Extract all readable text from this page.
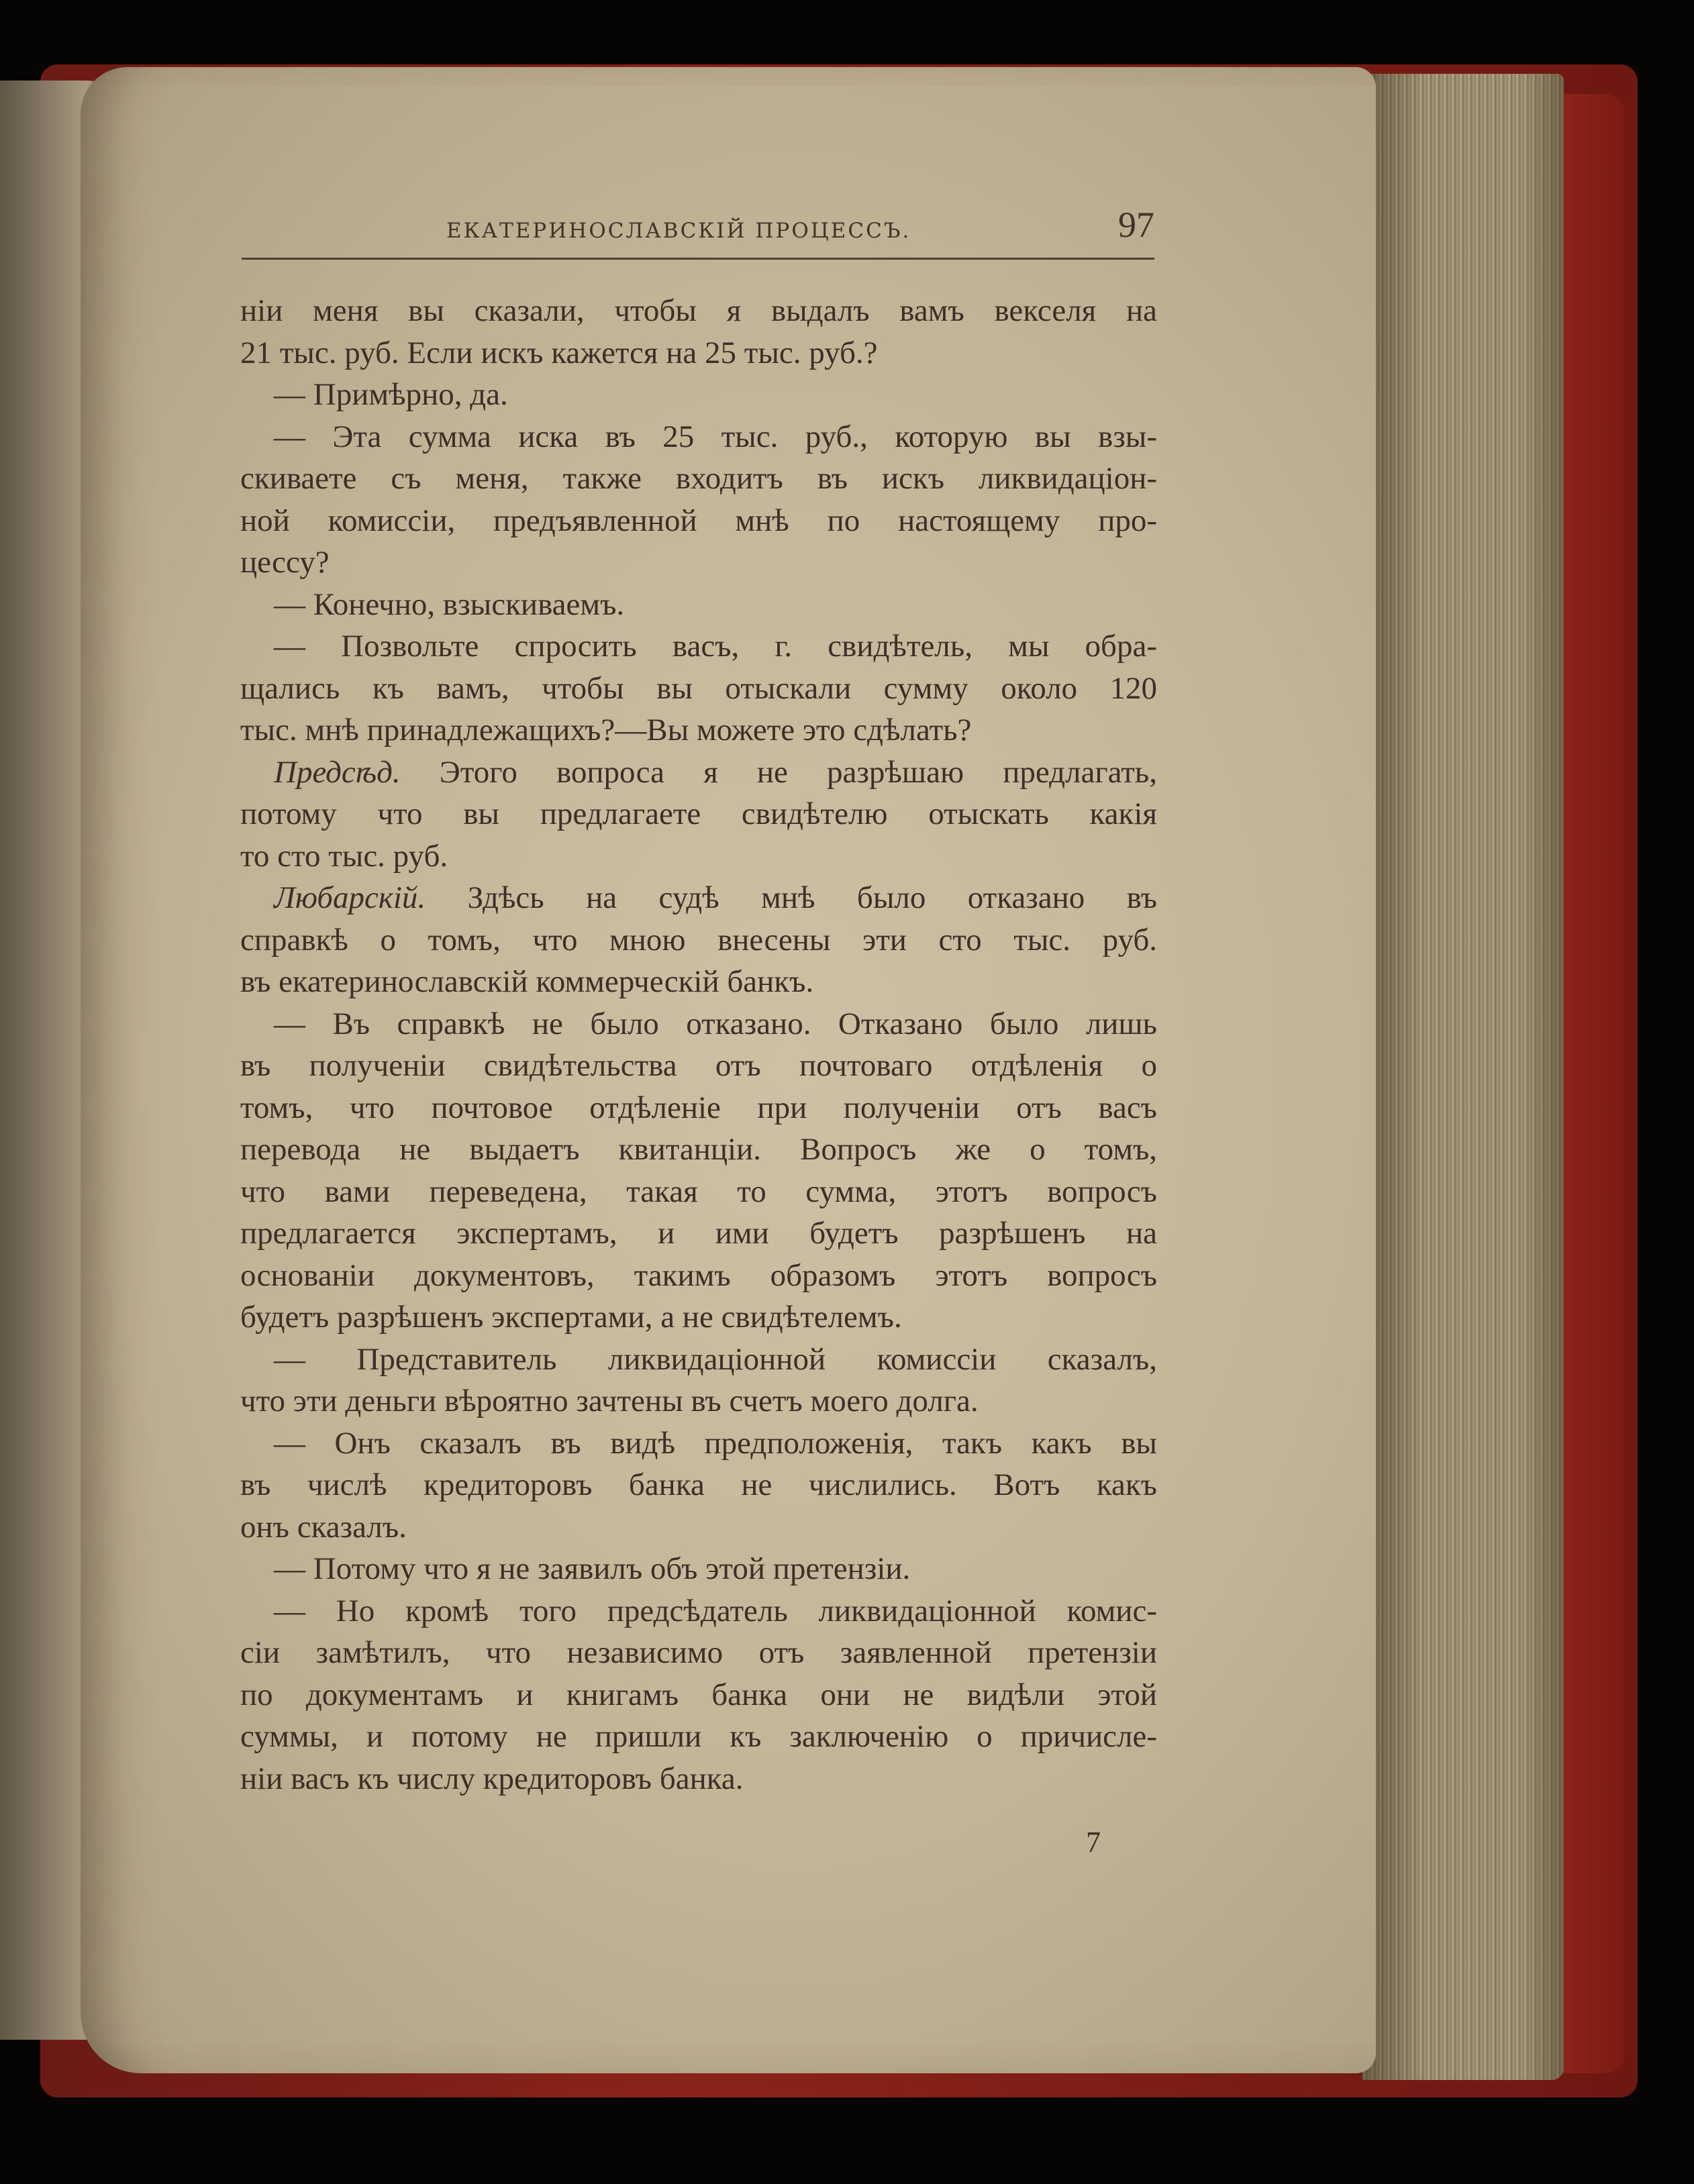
ЕКАТЕРИНОСЛАВСКІЙ ПРОЦЕССЪ.	97
ніи меня вы сказали, чтобы я выдалъ вамъ векселя на
21 тыс. руб. Если искъ кажется на 25 тыс. руб.?
— Примѣрно, да.
— Эта сумма иска въ 25 тыс. руб., которую вы взы-
скиваете съ меня, также входитъ въ искъ ликвидаціон-
ной комиссіи, предъявленной мнѣ по настоящему про-
цессу?
— Конечно, взыскиваемъ.
— Позвольте спросить васъ, г. свидѣтель, мы обра-
щались къ вамъ, чтобы вы отыскали сумму около 120
тыс. мнѣ принадлежащихъ?—Вы можете это сдѣлать?
Предсѣд. Этого вопроса я не разрѣшаю предлагать,
потому что вы предлагаете свидѣтелю отыскать какія
то сто тыс. руб.
Любарскій. Здѣсь на судѣ мнѣ было отказано въ
справкѣ о томъ, что мною внесены эти сто тыс. руб.
въ екатеринославскій коммерческій банкъ.
— Въ справкѣ не было отказано. Отказано было лишь
въ полученіи свидѣтельства отъ почтоваго отдѣленія о
томъ, что почтовое отдѣленіе при полученіи отъ васъ
перевода не выдаетъ квитанціи. Вопросъ же о томъ,
что вами переведена, такая то сумма, этотъ вопросъ
предлагается экспертамъ, и ими будетъ разрѣшенъ на
основаніи документовъ, такимъ образомъ этотъ вопросъ
будетъ разрѣшенъ экспертами, а не свидѣтелемъ.
— Представитель ликвидаціонной комиссіи сказалъ,
что эти деньги вѣроятно зачтены въ счетъ моего долга.
— Онъ сказалъ въ видѣ предположенія, такъ какъ вы
въ числѣ кредиторовъ банка не числились. Вотъ какъ
онъ сказалъ.
— Потому что я не заявилъ объ этой претензіи.
— Но кромѣ того предсѣдатель ликвидаціонной комис-
сіи замѣтилъ, что независимо отъ заявленной претензіи
по документамъ и книгамъ банка они не видѣли этой
суммы, и потому не пришли къ заключенію о причисле-
ніи васъ къ числу кредиторовъ банка.
7
